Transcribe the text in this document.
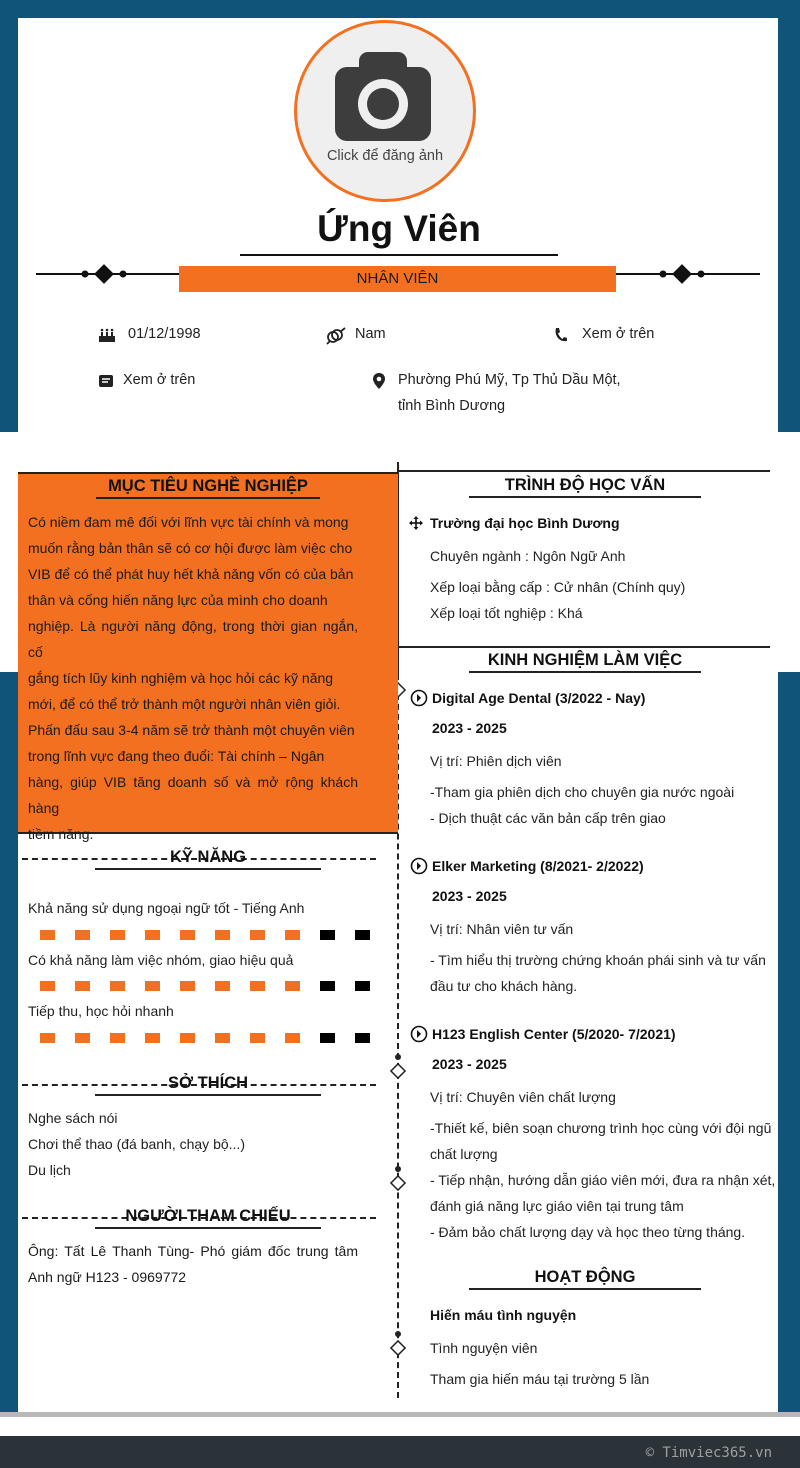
© Timviec365.vn
Click để đăng ảnh
Ứng Viên
NHÂN VIÊN
01/12/1998	Nam	Xem ở trên
Xem ở trên	Phường Phú Mỹ, Tp Thủ Dầu Một,
tỉnh Bình Dương
MỤC TIÊU NGHỀ NGHIỆP
Có niềm đam mê đối với lĩnh vực tài chính và mong
muốn rằng bản thân sẽ có cơ hội được làm việc cho
VIB để có thể phát huy hết khả năng vốn có của bản
thân và cống hiến năng lực của mình cho doanh
nghiệp. Là người năng động, trong thời gian ngắn, cố
gắng tích lũy kinh nghiệm và học hỏi các kỹ năng
mới, để có thể trở thành một người nhân viên giỏi.
Phấn đấu sau 3-4 năm sẽ trở thành một chuyên viên
trong lĩnh vực đang theo đuổi: Tài chính – Ngân
hàng, giúp VIB tăng doanh số và mở rộng khách hàng
tiềm năng.
KỸ NĂNG
Khả năng sử dụng ngoại ngữ tốt - Tiếng Anh
Có khả năng làm việc nhóm, giao hiệu quả
Tiếp thu, học hỏi nhanh
SỞ THÍCH
Nghe sách nói
Chơi thể thao (đá banh, chạy bộ...)
Du lịch
NGƯỜI THAM CHIẾU
Ông: Tất Lê Thanh Tùng- Phó giám đốc trung tâm
Anh ngữ H123 - 0969772
TRÌNH ĐỘ HỌC VẤN
Trường đại học Bình Dương
Chuyên ngành : Ngôn Ngữ Anh
Xếp loại bằng cấp : Cử nhân (Chính quy)
Xếp loại tốt nghiệp : Khá
KINH NGHIỆM LÀM VIỆC
Digital Age Dental (3/2022 - Nay)
2023 - 2025
Vị trí: Phiên dịch viên
-Tham gia phiên dịch cho chuyên gia nước ngoài
- Dịch thuật các văn bản cấp trên giao
Elker Marketing (8/2021- 2/2022)
2023 - 2025
Vị trí: Nhân viên tư vấn
- Tìm hiểu thị trường chứng khoán phái sinh và tư vấn
đầu tư cho khách hàng.
H123 English Center (5/2020- 7/2021)
2023 - 2025
Vị trí: Chuyên viên chất lượng
-Thiết kế, biên soạn chương trình học cùng với đội ngũ
chất lượng
- Tiếp nhận, hướng dẫn giáo viên mới, đưa ra nhận xét,
đánh giá năng lực giáo viên tại trung tâm
- Đảm bảo chất lượng dạy và học theo từng tháng.
HOẠT ĐỘNG
Hiến máu tình nguyện
Tình nguyện viên
Tham gia hiến máu tại trường 5 lần
